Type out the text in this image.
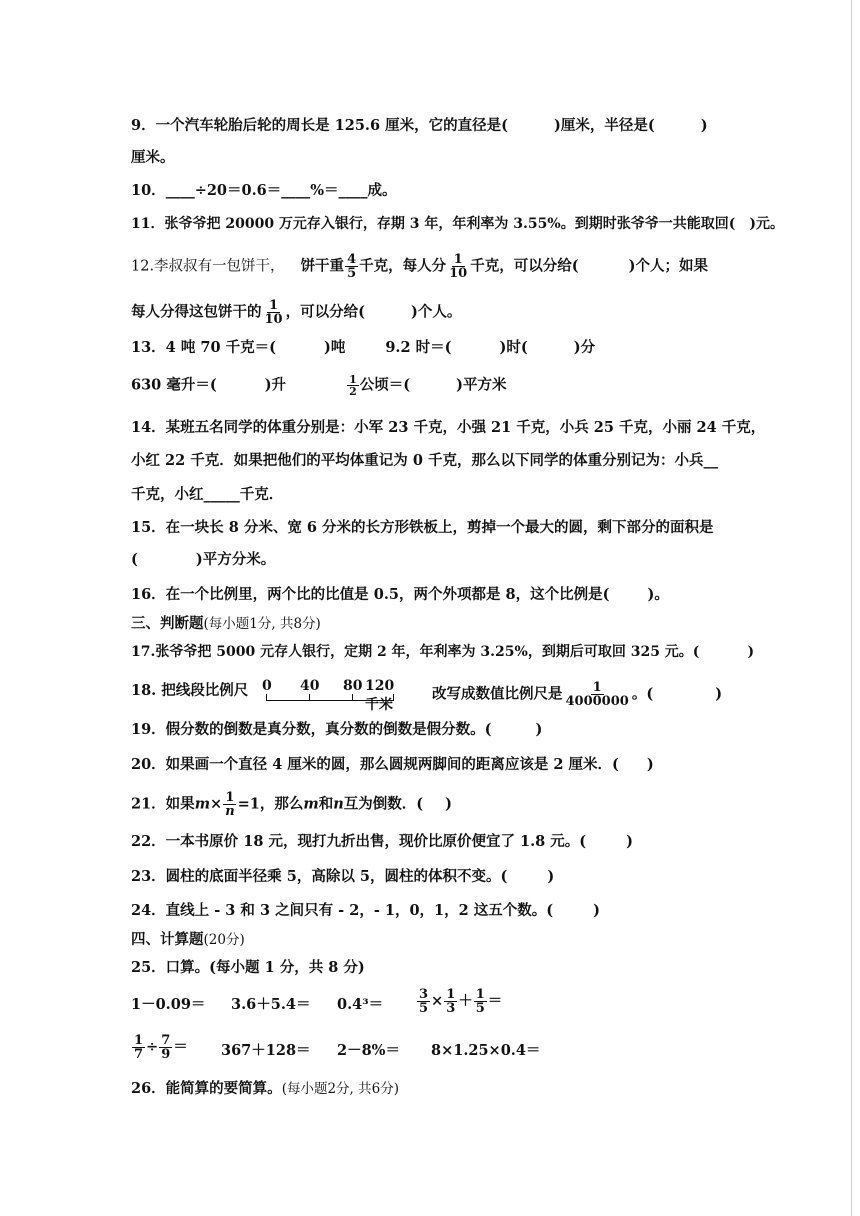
9．一个汽车轮胎后轮的周长是 125.6 厘米，它的直径是(	)厘米，半径是(	)
厘米。
10．____÷20＝0.6＝____%＝____成。
11．张爷爷把 20000 万元存入银行，存期 3 年，年利率为 3.55%。到期时张爷爷一共能取回(　)元。
12.李叔叔有一包饼干， 饼干重 $\frac{4}{5}$ 千克，每人分 $\frac{1}{10}$ 千克，可以分给(	)个人；如果
每人分得这包饼干的 $\frac{1}{10}$ ，可以分给(	)个人。
13．4 吨 70 千克＝(	)吨	9.2 时＝(	)时(	)分
630 毫升＝(	)升	$\frac{1}{2}$ 公顷＝(	)平方米
14．某班五名同学的体重分别是：小军 23 千克，小强 21 千克，小兵 25 千克，小丽 24 千克，
小红 22 千克．如果把他们的平均体重记为 0 千克，那么以下同学的体重分别记为：小兵__
千克，小红_____千克．
15．在一块长 8 分米、宽 6 分米的长方形铁板上，剪掉一个最大的圆，剩下部分的面积是
(	)平方分米。
16．在一个比例里，两个比的比值是 0.5，两个外项都是 8，这个比例是(	)。
三、判断题(每小题1分, 共8分)
17.张爷爷把 5000 元存人银行，定期 2 年，年利率为 3.25%，到期后可取回 325 元。(	)
18. 把线段比例尺 0 40 80 120千米
改写成数值比例尺是 $\frac{1}{4000000}$ 。(	)
19．假分数的倒数是真分数，真分数的倒数是假分数。(	)
20．如果画一个直径 4 厘米的圆，那么圆规两脚间的距离应该是 2 厘米．( )
21．如果$m\times \frac{1}{n} =1$，那么m和n互为倒数．( )
22．一本书原价 18 元，现打九折出售，现价比原价便宜了 1.8 元。(	)
23．圆柱的底面半径乘 5，高除以 5，圆柱的体积不变。(	)
24．直线上 - 3 和 3 之间只有 - 2，- 1，0，1，2 这五个数。(	)
四、计算题(20分)
25．口算。(每小题 1 分，共 8 分)
1－0.09＝ 3.6＋5.4＝ 0.4³＝	$\frac{3}{5} \times \frac{1}{3} + \frac{1}{5}$ ＝
$\frac{1}{7} \div \frac{7}{9} = 367+128= 2-8\%= 8\times 1.25\times 0.4=$
26．能简算的要简算。(每小题2分, 共6分)
